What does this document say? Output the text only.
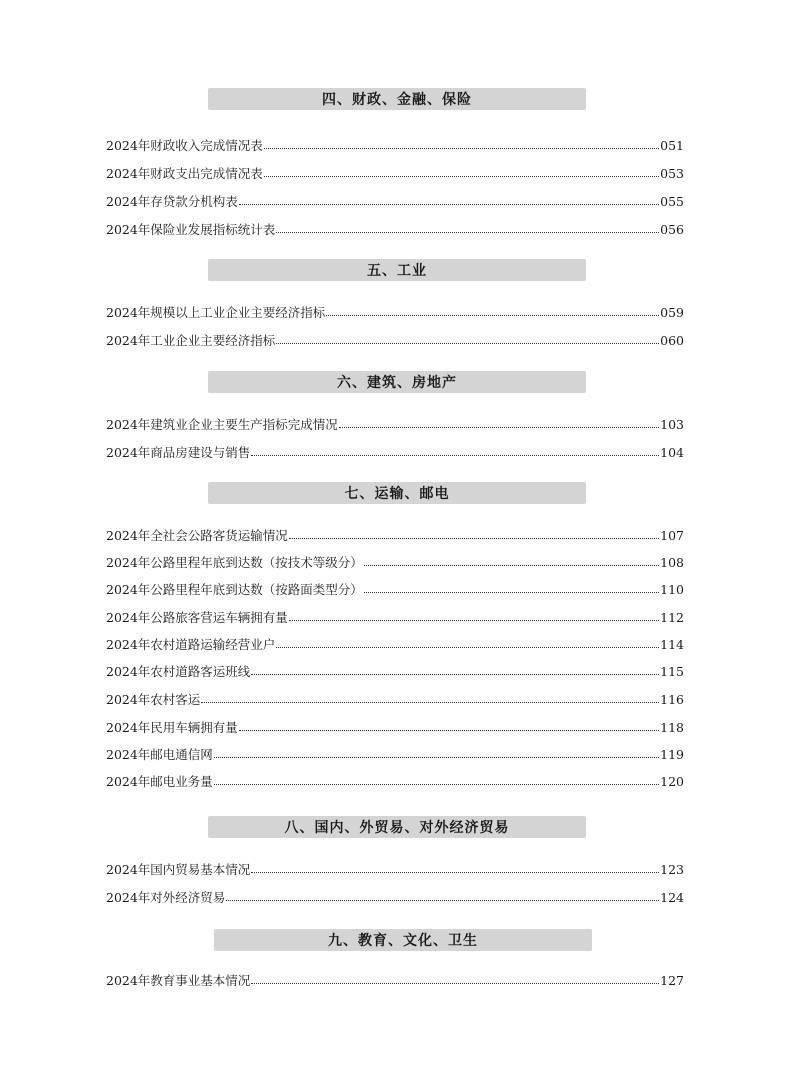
四、财政、金融、保险
2024年财政收入完成情况表	051
2024年财政支出完成情况表	053
2024年存贷款分机构表	055
2024年保险业发展指标统计表	056
五、工业
2024年规模以上工业企业主要经济指标	059
2024年工业企业主要经济指标	060
六、建筑、房地产
2024年建筑业企业主要生产指标完成情况	103
2024年商品房建设与销售	104
七、运输、邮电
2024年全社会公路客货运输情况	107
2024年公路里程年底到达数（按技术等级分）	108
2024年公路里程年底到达数（按路面类型分）	110
2024年公路旅客营运车辆拥有量	112
2024年农村道路运输经营业户	114
2024年农村道路客运班线	115
2024年农村客运	116
2024年民用车辆拥有量	118
2024年邮电通信网	119
2024年邮电业务量	120
八、国内、外贸易、对外经济贸易
2024年国内贸易基本情况	123
2024年对外经济贸易	124
九、教育、文化、卫生
2024年教育事业基本情况	127
